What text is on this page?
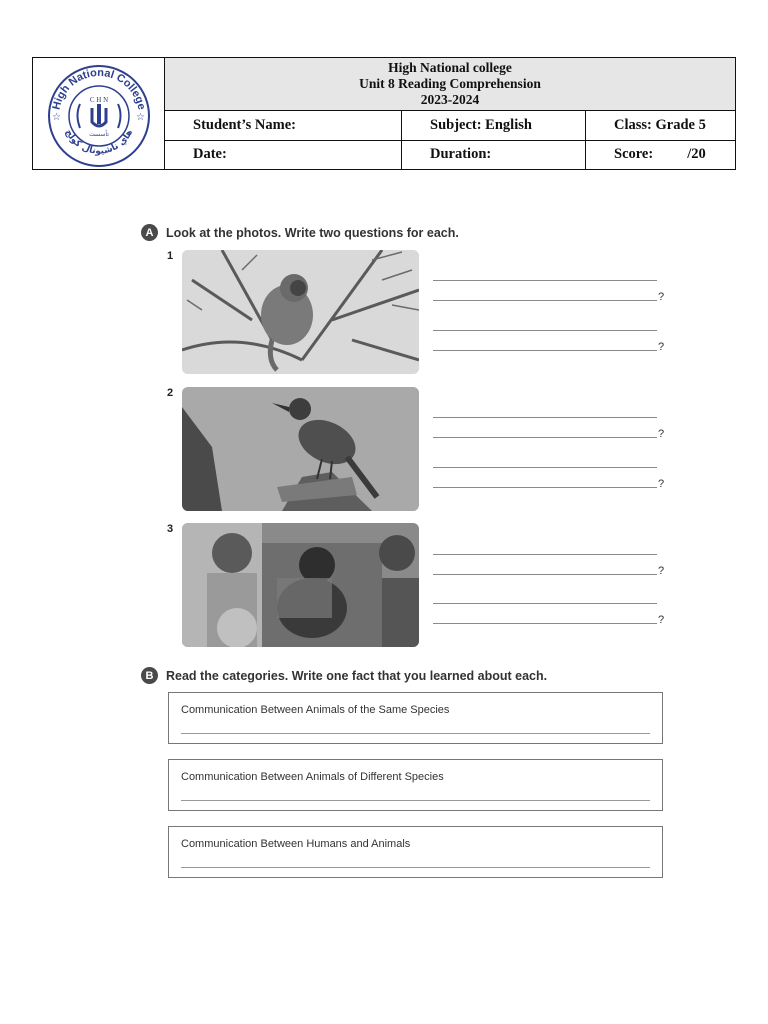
High National College
هاي ناشيونال كولج
C H N
تأسست
☆	☆
High National college
Unit 8 Reading Comprehension
2023-2024
Student’s Name:	Subject: English	Class: Grade 5
Date:	Duration:	Score: /20
A	Look at the photos. Write two questions for each.
1
?
?
2
?
?
3
?
?
B	Read the categories. Write one fact that you learned about each.
Communication Between Animals of the Same Species
Communication Between Animals of Different Species
Communication Between Humans and Animals
